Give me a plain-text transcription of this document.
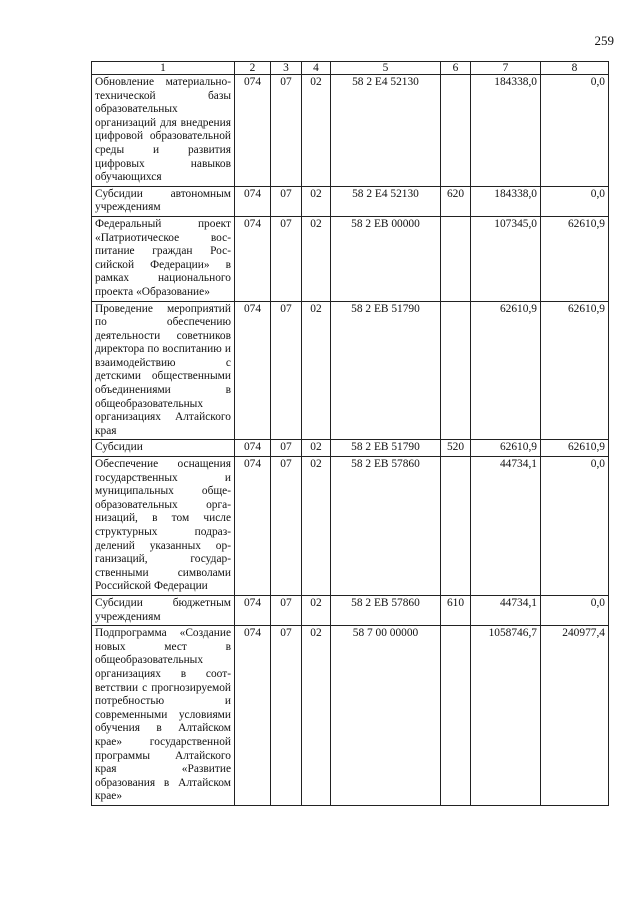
259
1	2	3	4	5	6	7	8
Обновление материально-технической базы образовательных организаций для внедрения цифровой образовательной среды и развития цифровых навыков обучающихся	074	07	02	58 2 Е4 52130		184338,0	0,0
Субсидии автономным учреждениям	074	07	02	58 2 Е4 52130	620	184338,0	0,0
Федеральный проект «Патриотическое воспитание граждан Российской Федерации» в рамках национального проекта «Образование»	074	07	02	58 2 ЕВ 00000		107345,0	62610,9
Проведение мероприятий по обеспечению деятельности советников директора по воспитанию и взаимодействию с детскими общественными объединениями в общеобразовательных организациях Алтайского края	074	07	02	58 2 ЕВ 51790		62610,9	62610,9
Субсидии	074	07	02	58 2 ЕВ 51790	520	62610,9	62610,9
Обеспечение оснащения государственных и муниципальных общеобразовательных организаций, в том числе структурных подразделений указанных организаций, государственными символами Российской Федерации	074	07	02	58 2 ЕВ 57860		44734,1	0,0
Субсидии бюджетным учреждениям	074	07	02	58 2 ЕВ 57860	610	44734,1	0,0
Подпрограмма «Создание новых мест в общеобразовательных организациях в соответствии с прогнозируемой потребностью и современными условиями обучения в Алтайском крае» государственной программы Алтайского края «Развитие образования в Алтайском крае»	074	07	02	58 7 00 00000		1058746,7	240977,4
